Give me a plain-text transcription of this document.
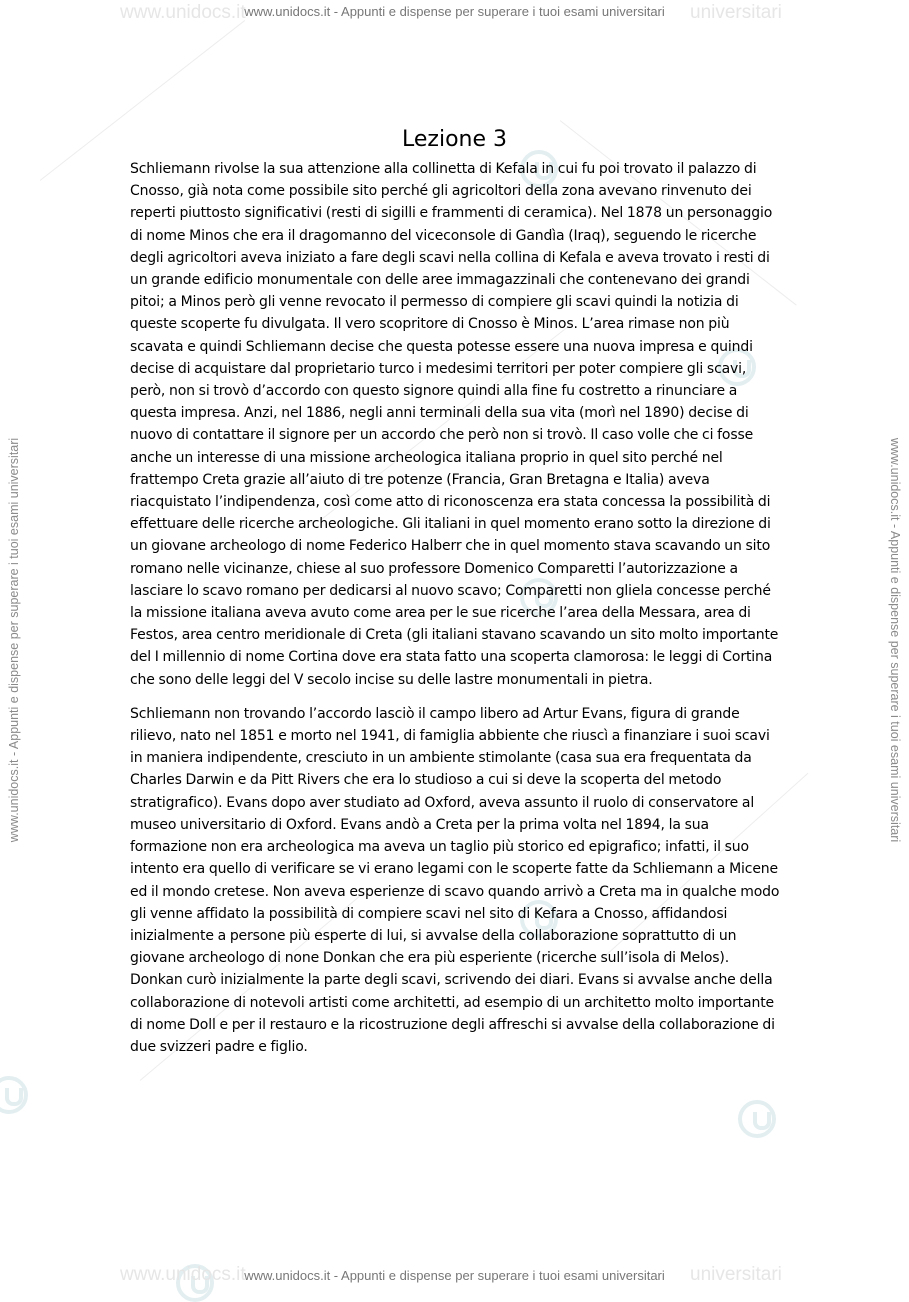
www.unidocs.it	universitari
www.unidocs.it	universitari
www.unidocs.it - Appunti e dispense per superare i tuoi esami universitari
www.unidocs.it - Appunti e dispense per superare i tuoi esami universitari
www.unidocs.it - Appunti e dispense per superare i tuoi esami universitari	www.unidocs.it - Appunti e dispense per superare i tuoi esami universitari
Lezione 3

Schliemann rivolse la sua attenzione alla collinetta di Kefala in cui fu poi trovato il palazzo di Cnosso, già nota come possibile sito perché gli agricoltori della zona avevano rinvenuto dei reperti piuttosto significativi (resti di sigilli e frammenti di ceramica). Nel 1878 un personaggio di nome Minos che era il dragomanno del viceconsole di Gandìa (Iraq), seguendo le ricerche degli agricoltori aveva iniziato a fare degli scavi nella collina di Kefala e aveva trovato i resti di un grande edificio monumentale con delle aree immagazzinali che contenevano dei grandi pitoi; a Minos però gli venne revocato il permesso di compiere gli scavi quindi la notizia di queste scoperte fu divulgata. Il vero scopritore di Cnosso è Minos. L’area rimase non più scavata e quindi Schliemann decise che questa potesse essere una nuova impresa e quindi decise di acquistare dal proprietario turco i medesimi territori per poter compiere gli scavi, però, non si trovò d’accordo con questo signore quindi alla fine fu costretto a rinunciare a questa impresa. Anzi, nel 1886, negli anni terminali della sua vita (morì nel 1890) decise di nuovo di contattare il signore per un accordo che però non si trovò. Il caso volle che ci fosse anche un interesse di una missione archeologica italiana proprio in quel sito perché nel frattempo Creta grazie all’aiuto di tre potenze (Francia, Gran Bretagna e Italia) aveva riacquistato l’indipendenza, così come atto di riconoscenza era stata concessa la possibilità di effettuare delle ricerche archeologiche. Gli italiani in quel momento erano sotto la direzione di un giovane archeologo di nome Federico Halberr che in quel momento stava scavando un sito romano nelle vicinanze, chiese al suo professore Domenico Comparetti l’autorizzazione a lasciare lo scavo romano per dedicarsi al nuovo scavo; Comparetti non gliela concesse perché la missione italiana aveva avuto come area per le sue ricerche l’area della Messara, area di Festos, area centro meridionale di Creta (gli italiani stavano scavando un sito molto importante del I millennio di nome Cortina dove era stata fatto una scoperta clamorosa: le leggi di Cortina che sono delle leggi del V secolo incise su delle lastre monumentali in pietra.

Schliemann non trovando l’accordo lasciò il campo libero ad Artur Evans, figura di grande rilievo, nato nel 1851 e morto nel 1941, di famiglia abbiente che riuscì a finanziare i suoi scavi in maniera indipendente, cresciuto in un ambiente stimolante (casa sua era frequentata da Charles Darwin e da Pitt Rivers che era lo studioso a cui si deve la scoperta del metodo stratigrafico). Evans dopo aver studiato ad Oxford, aveva assunto il ruolo di conservatore al museo universitario di Oxford. Evans andò a Creta per la prima volta nel 1894, la sua formazione non era archeologica ma aveva un taglio più storico ed epigrafico; infatti, il suo intento era quello di verificare se vi erano legami con le scoperte fatte da Schliemann a Micene ed il mondo cretese. Non aveva esperienze di scavo quando arrivò a Creta ma in qualche modo gli venne affidato la possibilità di compiere scavi nel sito di Kefara a Cnosso, affidandosi inizialmente a persone più esperte di lui, si avvalse della collaborazione soprattutto di un giovane archeologo di none Donkan che era più esperiente (ricerche sull’isola di Melos). Donkan curò inizialmente la parte degli scavi, scrivendo dei diari. Evans si avvalse anche della collaborazione di notevoli artisti come architetti, ad esempio di un architetto molto importante di nome Doll e per il restauro e la ricostruzione degli affreschi si avvalse della collaborazione di due svizzeri padre e figlio.
